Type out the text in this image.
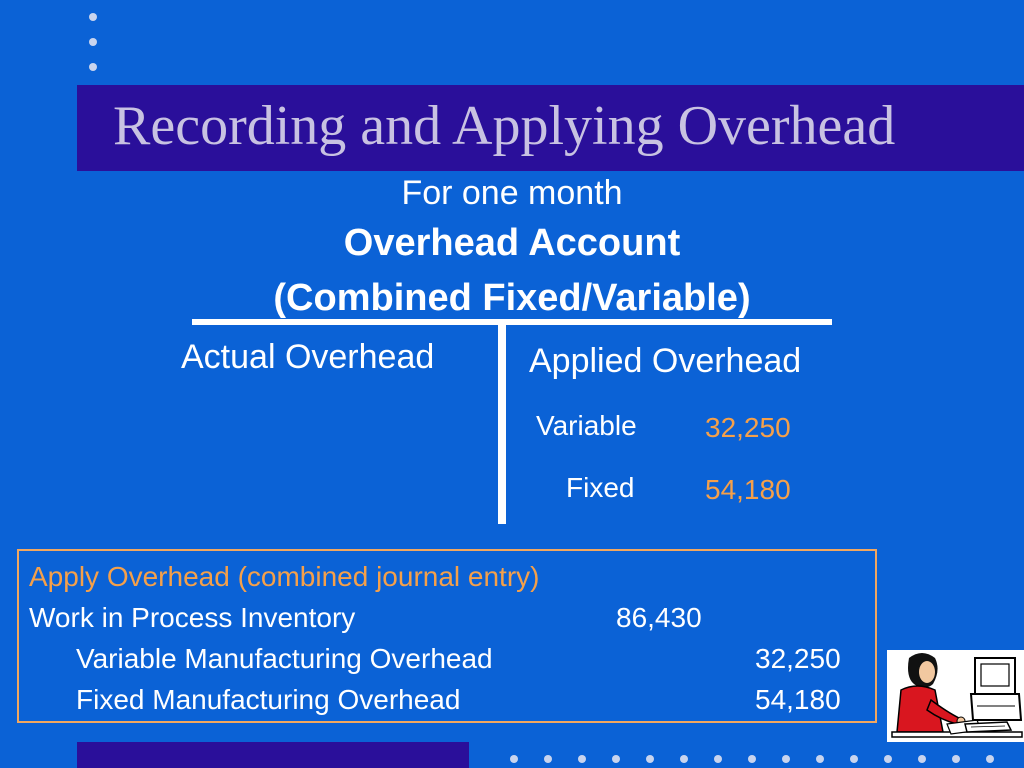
Recording and Applying Overhead
For one month
Overhead Account
(Combined Fixed/Variable)
Actual Overhead	Applied Overhead
Variable 32,250
Fixed	54,180
Apply Overhead (combined journal entry)
Work in Process Inventory	86,430
Variable Manufacturing Overhead	32,250
Fixed Manufacturing Overhead	54,180
